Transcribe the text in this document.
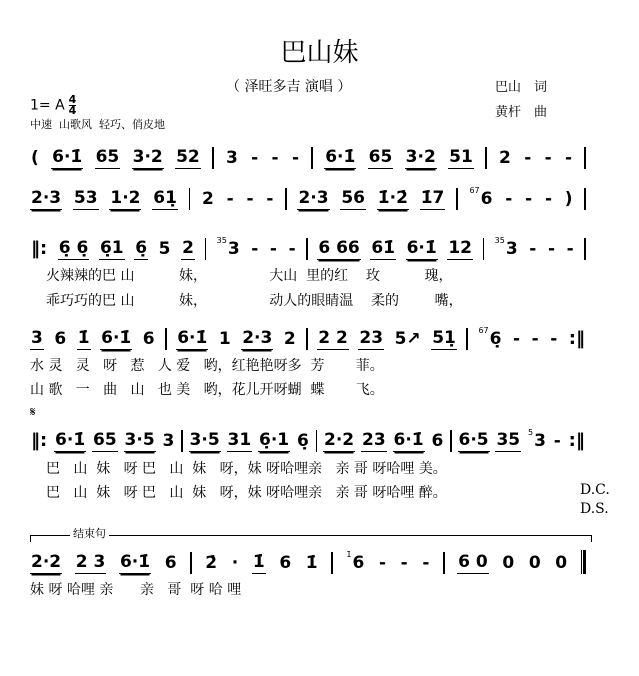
巴山妹
（ 泽旺多吉 演唱 ）	巴山　词
黄杆　曲
1= A $\frac{4}{4}$
中速  山歌风  轻巧、俏皮地
( 6·1̇ 65 3·2 52 3 - - - 6·1̇ 65 3·2 51 2 - - -
2·3 53 1·2 61̣ 2 - - - 2·3 56 1̇·2̇ 1̇7	676 - - - )
‖: 6̣ 6̣ 6̣1 6̣ 5 2	353 - - - 6 66 61̇ 6·1̇ 12	353 - - -
火辣辣的巴 山          妹，              大山  里的红    玫          瑰，
乖巧巧的巴 山          妹，              动人的眼睛温    柔的        嘴，
3 6 1̇ 6·1̇ 6 6·1̇ 1 2·3 2 2 2 23 5↗ 51̣	676̣ - - - :‖
水 灵   灵   呀   惹   人 爱   哟，红艳艳呀多  芳       菲。
山 歌   一   曲   山   也 美   哟，花儿开呀蝴  蝶       飞。
𝄋
‖: 6·1̇ 65 3·5 3 3·5 31 6̣·1 6̣ 2·2 23 6·1̇ 6 6·5 35 53 - :‖
巴   山  妹   呀 巴   山  妹   呀，妹 呀哈哩亲   亲 哥 呀哈哩 美。
巴   山  妹   呀 巴   山  妹   呀，妹 呀哈哩亲   亲 哥 呀哈哩 醉。	D.C.
D.S.
结束句
2·2 2 3 6·1̇ 6 2̇ · 1̇ 6 1̇	1̇6 - - - 6 0 0 0 0
妹 呀 哈哩 亲      亲   哥  呀 哈 哩
